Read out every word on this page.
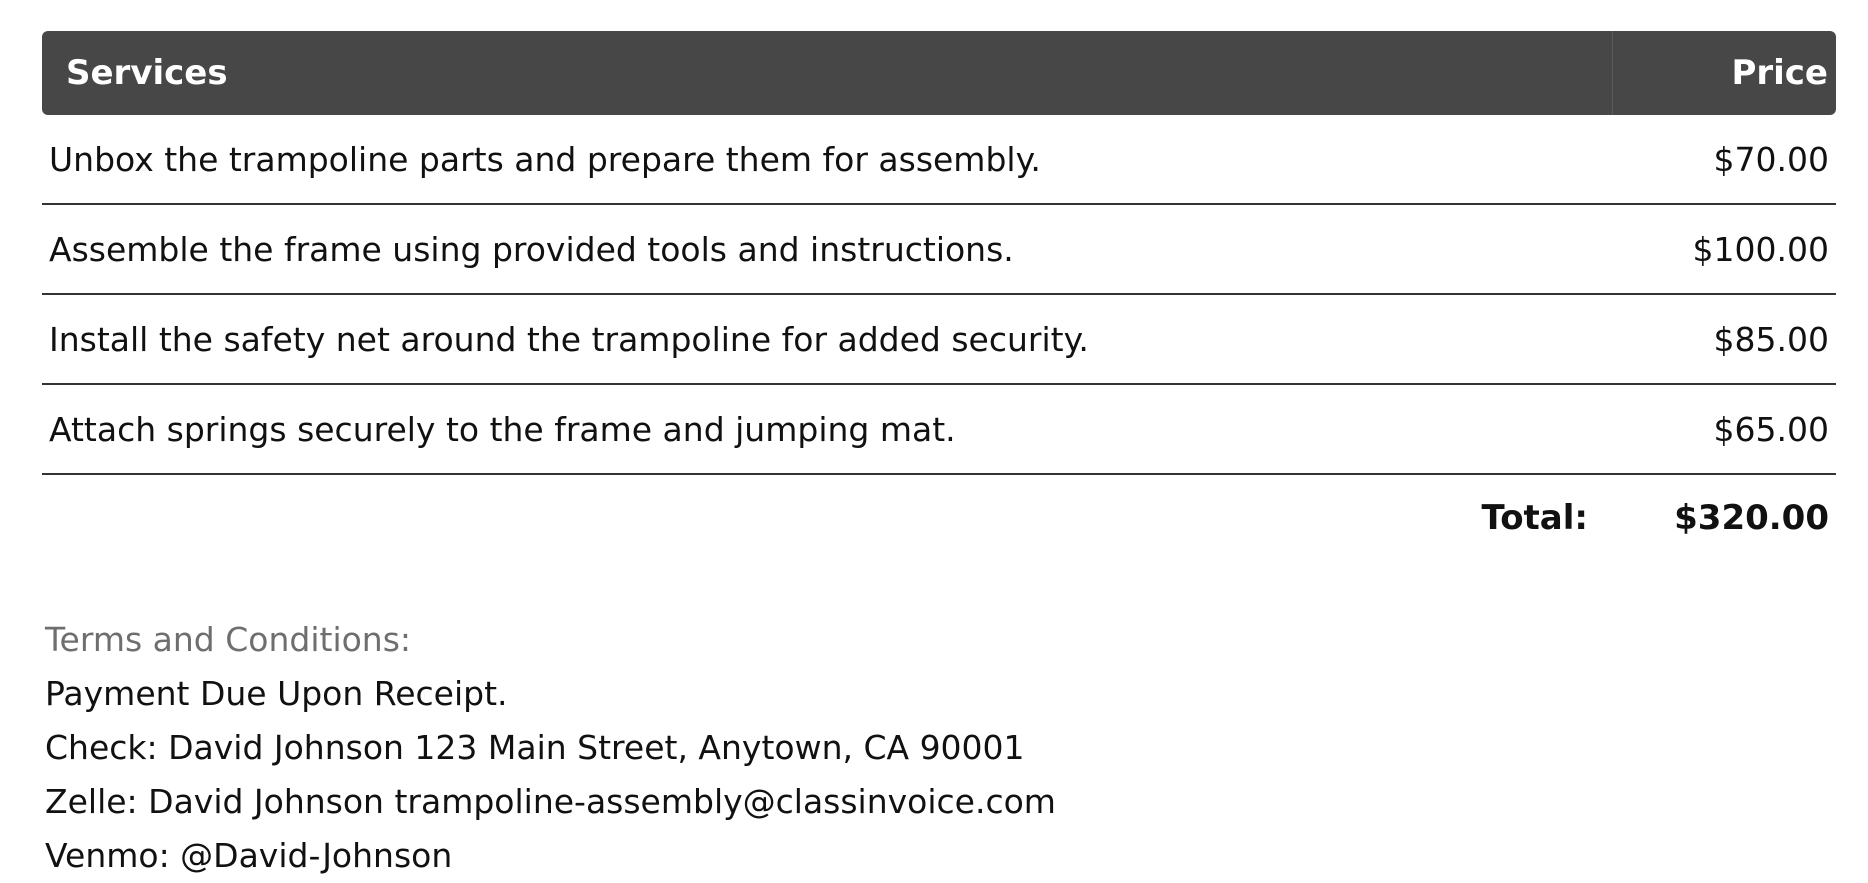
Services	Price
Unbox the trampoline parts and prepare them for assembly.	$70.00
Assemble the frame using provided tools and instructions.	$100.00
Install the safety net around the trampoline for added security.	$85.00
Attach springs securely to the frame and jumping mat.	$65.00
Total:	$320.00
Terms and Conditions:
Payment Due Upon Receipt.
Check: David Johnson 123 Main Street, Anytown, CA 90001
Zelle: David Johnson trampoline-assembly@classinvoice.com
Venmo: @David-Johnson
